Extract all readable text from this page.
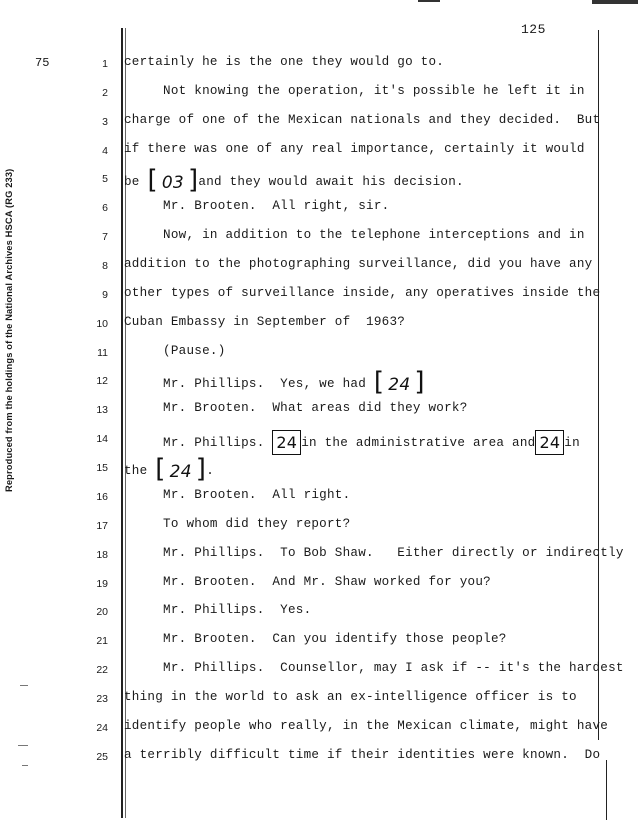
Reproduced from the holdings of the National Archives HSCA (RG 233)
75
125
1 certainly he is the one they would go to.
2 Not knowing the operation, it's possible he left it in
3 charge of one of the Mexican nationals and they decided.  But
4 if there was one of any real importance, certainly it would
5 be [ 03 ]and they would await his decision.
6 Mr. Brooten.  All right, sir.
7 Now, in addition to the telephone interceptions and in
8 addition to the photographing surveillance, did you have any
9 other types of surveillance inside, any operatives inside the
10 Cuban Embassy in September of  1963?
11 (Pause.)
12 Mr. Phillips.  Yes, we had [ 24 ]
13 Mr. Brooten.  What areas did they work?
14 Mr. Phillips. 24 in the administrative area and 24 in
15 the [ 24 ].
16 Mr. Brooten.  All right.
17 To whom did they report?
18 Mr. Phillips.  To Bob Shaw.   Either directly or indirectly
19 Mr. Brooten.  And Mr. Shaw worked for you?
20 Mr. Phillips.  Yes.
21 Mr. Brooten.  Can you identify those people?
22 Mr. Phillips.  Counsellor, may I ask if -- it's the hardest
23 thing in the world to ask an ex-intelligence officer is to
24 identify people who really, in the Mexican climate, might have
25 a terribly difficult time if their identities were known.  Do
